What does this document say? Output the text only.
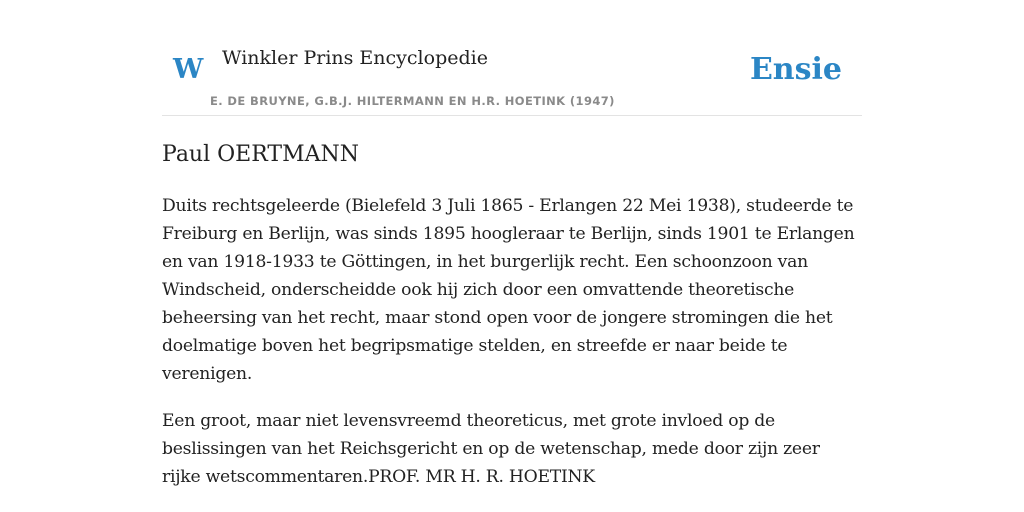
W Winkler Prins Encyclopedie
E. DE BRUYNE, G.B.J. HILTERMANN EN H.R. HOETINK (1947)
Ensie
Paul OERTMANN

Duits rechtsgeleerde (Bielefeld 3 Juli 1865 - Erlangen 22 Mei 1938), studeerde te Freiburg en Berlijn, was sinds 1895 hoogleraar te Berlijn, sinds 1901 te Erlangen en van 1918-1933 te Göttingen, in het burgerlijk recht. Een schoonzoon van Windscheid, onderscheidde ook hij zich door een omvattende theoretische beheersing van het recht, maar stond open voor de jongere stromingen die het doelmatige boven het begripsmatige stelden, en streefde er naar beide te verenigen.

Een groot, maar niet levensvreemd theoreticus, met grote invloed op de beslissingen van het Reichsgericht en op de wetenschap, mede door zijn zeer rijke wetscommentaren.PROF. MR H. R. HOETINK
